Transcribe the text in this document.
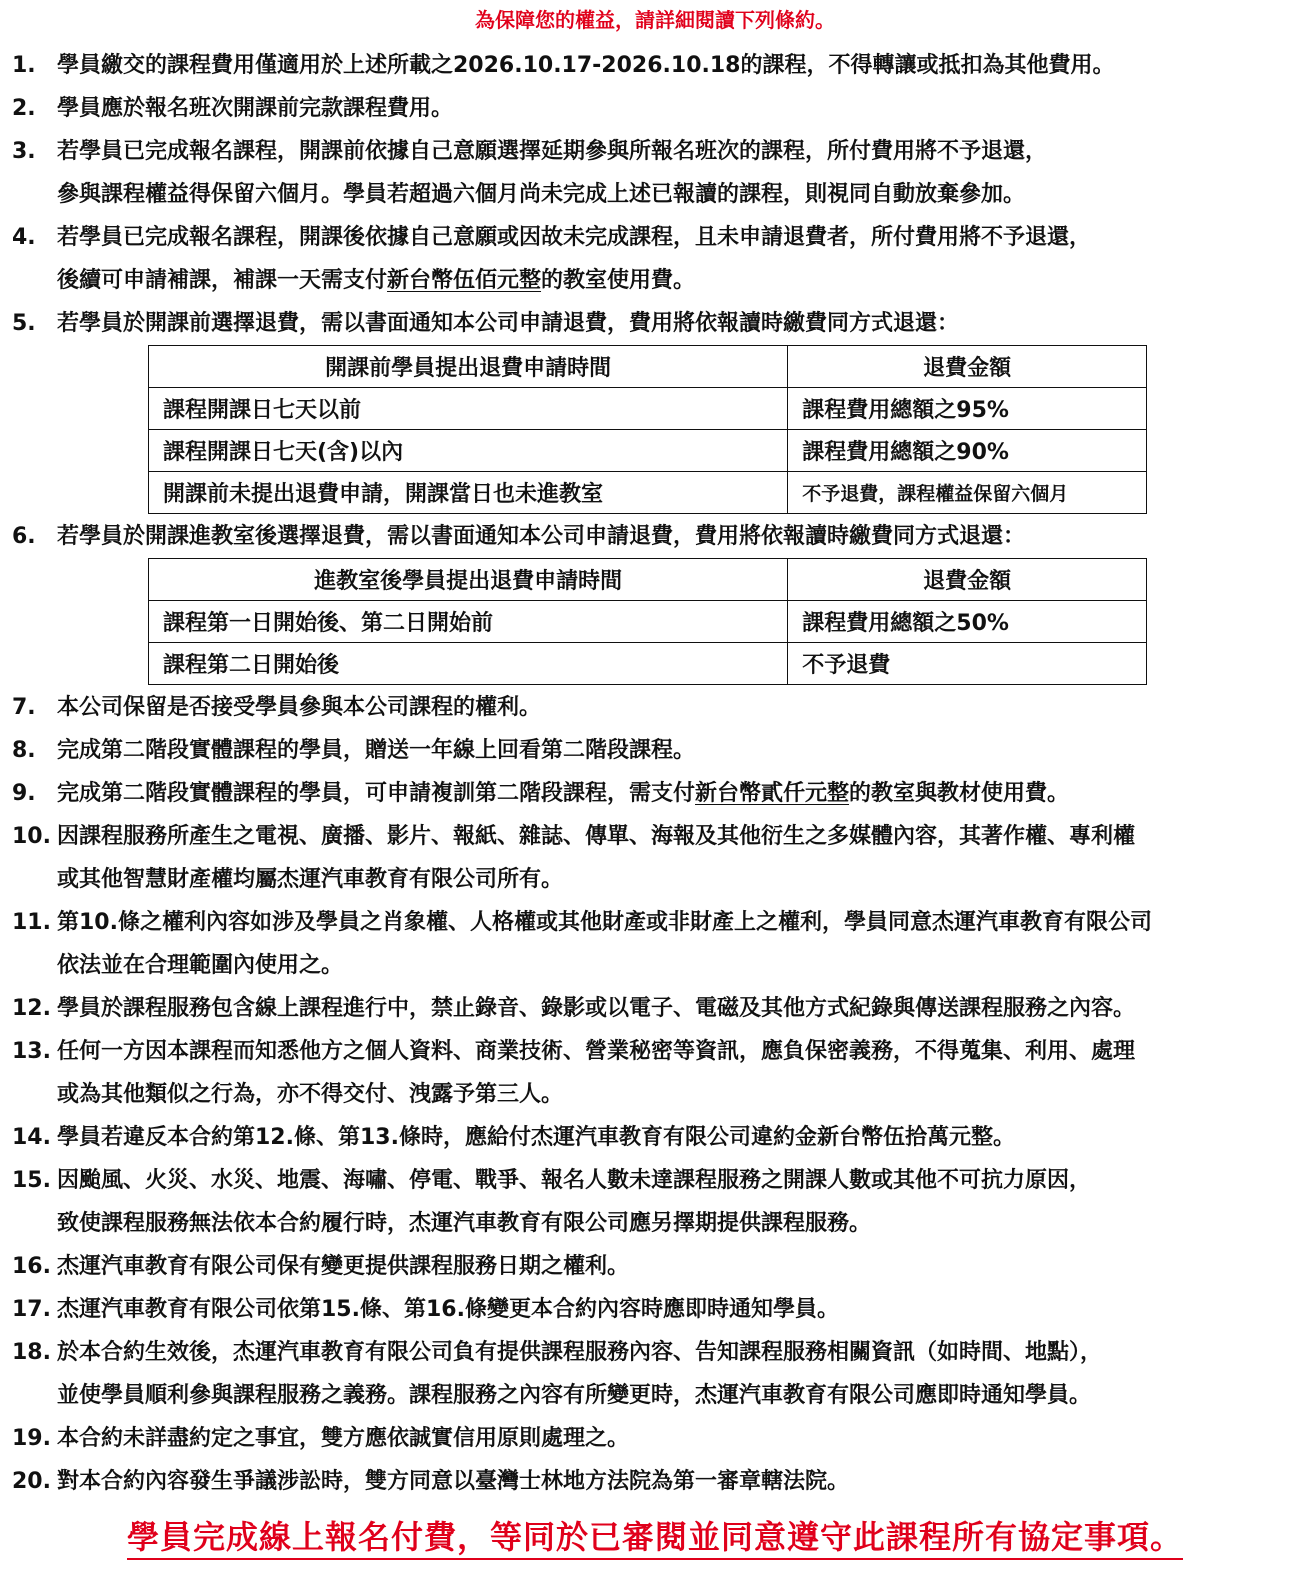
為保障您的權益，請詳細閱讀下列條約。
1. 學員繳交的課程費用僅適用於上述所載之2026.10.17-2026.10.18的課程，不得轉讓或抵扣為其他費用。
2. 學員應於報名班次開課前完款課程費用。
3. 若學員已完成報名課程，開課前依據自己意願選擇延期參與所報名班次的課程，所付費用將不予退還，
參與課程權益得保留六個月。學員若超過六個月尚未完成上述已報讀的課程，則視同自動放棄參加。
4. 若學員已完成報名課程，開課後依據自己意願或因故未完成課程，且未申請退費者，所付費用將不予退還，
後續可申請補課，補課一天需支付新台幣伍佰元整的教室使用費。
5. 若學員於開課前選擇退費，需以書面通知本公司申請退費，費用將依報讀時繳費同方式退還：
開課前學員提出退費申請時間	退費金額
課程開課日七天以前	課程費用總額之95%
課程開課日七天(含)以內	課程費用總額之90%
開課前未提出退費申請，開課當日也未進教室	不予退費，課程權益保留六個月
6. 若學員於開課進教室後選擇退費，需以書面通知本公司申請退費，費用將依報讀時繳費同方式退還：
進教室後學員提出退費申請時間	退費金額
課程第一日開始後、第二日開始前	課程費用總額之50%
課程第二日開始後	不予退費
7. 本公司保留是否接受學員參與本公司課程的權利。
8. 完成第二階段實體課程的學員，贈送一年線上回看第二階段課程。
9. 完成第二階段實體課程的學員，可申請複訓第二階段課程，需支付新台幣貳仟元整的教室與教材使用費。
10. 因課程服務所產生之電視、廣播、影片、報紙、雜誌、傳單、海報及其他衍生之多媒體內容，其著作權、專利權
或其他智慧財產權均屬杰運汽車教育有限公司所有。
11. 第10.條之權利內容如涉及學員之肖象權、人格權或其他財產或非財產上之權利，學員同意杰運汽車教育有限公司
依法並在合理範圍內使用之。
12. 學員於課程服務包含線上課程進行中，禁止錄音、錄影或以電子、電磁及其他方式紀錄與傳送課程服務之內容。
13. 任何一方因本課程而知悉他方之個人資料、商業技術、營業秘密等資訊，應負保密義務，不得蒐集、利用、處理
或為其他類似之行為，亦不得交付、洩露予第三人。
14. 學員若違反本合約第12.條、第13.條時，應給付杰運汽車教育有限公司違約金新台幣伍拾萬元整。
15. 因颱風、火災、水災、地震、海嘯、停電、戰爭、報名人數未達課程服務之開課人數或其他不可抗力原因，
致使課程服務無法依本合約履行時，杰運汽車教育有限公司應另擇期提供課程服務。
16. 杰運汽車教育有限公司保有變更提供課程服務日期之權利。
17. 杰運汽車教育有限公司依第15.條、第16.條變更本合約內容時應即時通知學員。
18. 於本合約生效後，杰運汽車教育有限公司負有提供課程服務內容、告知課程服務相關資訊（如時間、地點），
並使學員順利參與課程服務之義務。課程服務之內容有所變更時，杰運汽車教育有限公司應即時通知學員。
19. 本合約未詳盡約定之事宜，雙方應依誠實信用原則處理之。
20. 對本合約內容發生爭議涉訟時，雙方同意以臺灣士林地方法院為第一審章轄法院。
學員完成線上報名付費，等同於已審閱並同意遵守此課程所有協定事項。
